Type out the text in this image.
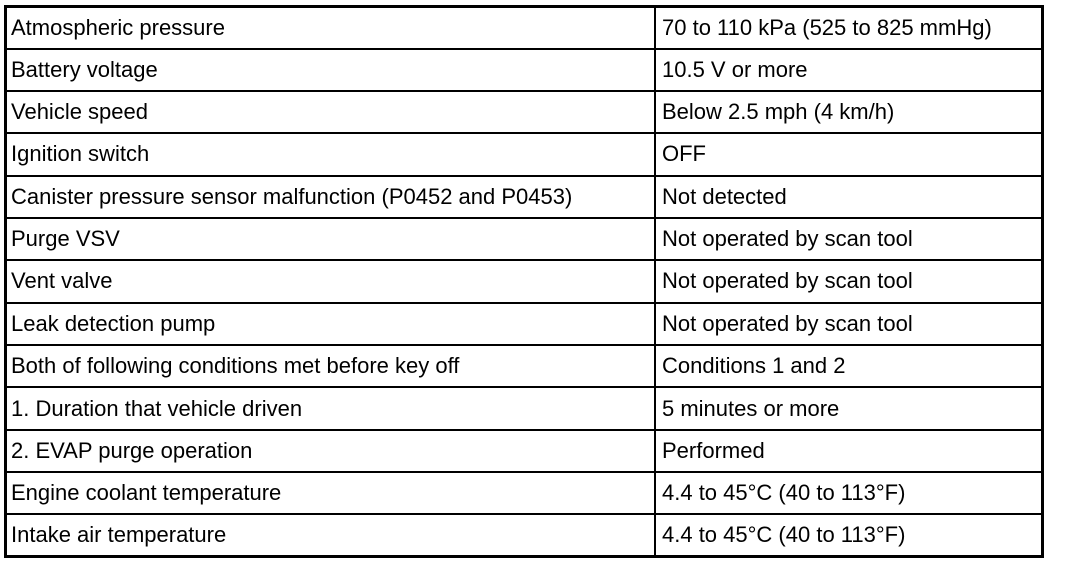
Atmospheric pressure	70 to 110 kPa (525 to 825 mmHg)
Battery voltage	10.5 V or more
Vehicle speed	Below 2.5 mph (4 km/h)
Ignition switch	OFF
Canister pressure sensor malfunction (P0452 and P0453)	Not detected
Purge VSV	Not operated by scan tool
Vent valve	Not operated by scan tool
Leak detection pump	Not operated by scan tool
Both of following conditions met before key off	Conditions 1 and 2
1. Duration that vehicle driven	5 minutes or more
2. EVAP purge operation	Performed
Engine coolant temperature	4.4 to 45°C (40 to 113°F)
Intake air temperature	4.4 to 45°C (40 to 113°F)
